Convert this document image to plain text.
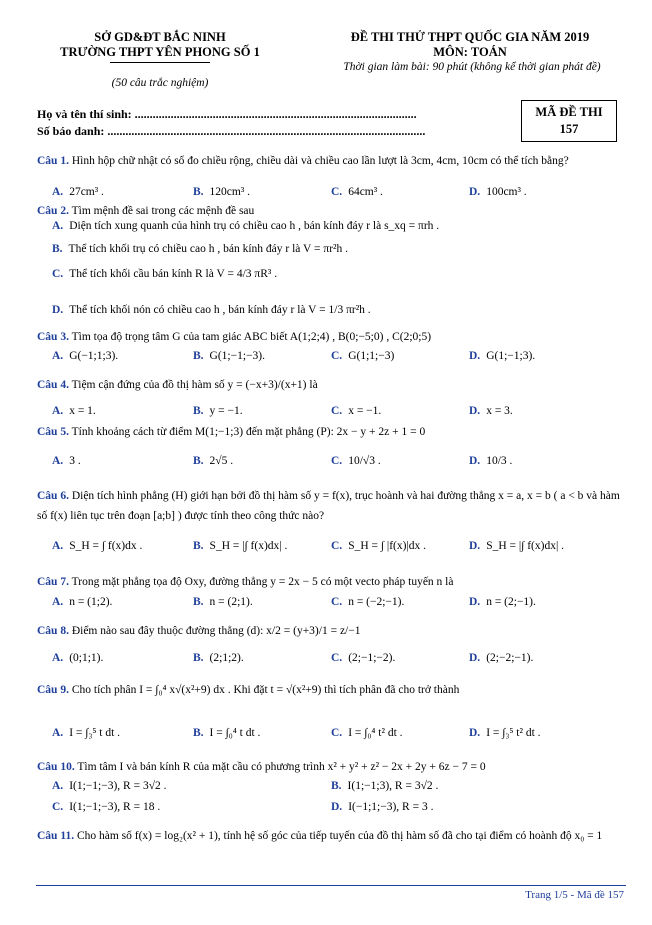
SỞ GD&ĐT BẮC NINH
TRƯỜNG THPT YÊN PHONG SỐ 1
(50 câu trắc nghiệm)
ĐỀ THI THỬ THPT QUỐC GIA NĂM 2019
MÔN: TOÁN
Thời gian làm bài: 90 phút (không kể thời gian phát đề)
Họ và tên thí sinh: ..............................................................................................
Số báo danh: ..........................................................................................................
MÃ ĐỀ THI
157
Câu 1. Hình hộp chữ nhật có số đo chiều rộng, chiều dài và chiều cao lần lượt là 3cm, 4cm, 10cm có thể tích bằng?
A. 27cm³ .	B. 120cm³ .	C. 64cm³ .	D. 100cm³ .
Câu 2. Tìm mệnh đề sai trong các mệnh đề sau
A. Diện tích xung quanh của hình trụ có chiều cao h , bán kính đáy r là s_xq = πrh .
B. Thể tích khối trụ có chiều cao h , bán kính đáy r là V = πr²h .
C. Thể tích khối cầu bán kính R là V = 4/3 πR³ .
D. Thể tích khối nón có chiều cao h , bán kính đáy r là V = 1/3 πr²h .
Câu 3. Tìm tọa độ trọng tâm G của tam giác ABC biết A(1;2;4) , B(0;−5;0) , C(2;0;5)
A. G(−1;1;3).	B. G(1;−1;−3).	C. G(1;1;−3)	D. G(1;−1;3).
Câu 4. Tiệm cận đứng của đồ thị hàm số y = (−x+3)/(x+1) là
A. x = 1.	B. y = −1.	C. x = −1.	D. x = 3.
Câu 5. Tính khoảng cách từ điểm M(1;−1;3) đến mặt phẳng (P): 2x − y + 2z + 1 = 0
A. 3 .	B. 2√5 .	C. 10/√3 .	D. 10/3 .
Câu 6. Diện tích hình phẳng (H) giới hạn bởi đồ thị hàm số y = f(x), trục hoành và hai đường thẳng x = a, x = b ( a < b và hàm số f(x) liên tục trên đoạn [a;b] ) được tính theo công thức nào?
A. S_H = ∫ f(x)dx .	B. S_H = |∫ f(x)dx| .	C. S_H = ∫ |f(x)|dx .	D. S_H = |∫ f(x)dx| .
Câu 7. Trong mặt phẳng tọa độ Oxy, đường thẳng y = 2x − 5 có một vecto pháp tuyến n là
A. n = (1;2).	B. n = (2;1).	C. n = (−2;−1).	D. n = (2;−1).
Câu 8. Điểm nào sau đây thuộc đường thẳng (d): x/2 = (y+3)/1 = z/−1
A. (0;1;1).	B. (2;1;2).	C. (2;−1;−2).	D. (2;−2;−1).
Câu 9. Cho tích phân I = ∫₀⁴ x√(x²+9) dx . Khi đặt t = √(x²+9) thì tích phân đã cho trở thành
A. I = ∫₃⁵ t dt .	B. I = ∫₀⁴ t dt .	C. I = ∫₀⁴ t² dt .	D. I = ∫₃⁵ t² dt .
Câu 10. Tìm tâm I và bán kính R của mặt cầu có phương trình x² + y² + z² − 2x + 2y + 6z − 7 = 0
A. I(1;−1;−3), R = 3√2 .	B. I(1;−1;3), R = 3√2 .
C. I(1;−1;−3), R = 18 .	D. I(−1;1;−3), R = 3 .
Câu 11. Cho hàm số f(x) = log₂(x² + 1), tính hệ số góc của tiếp tuyến của đồ thị hàm số đã cho tại điểm có hoành độ x₀ = 1
Trang 1/5 - Mã đề 157
